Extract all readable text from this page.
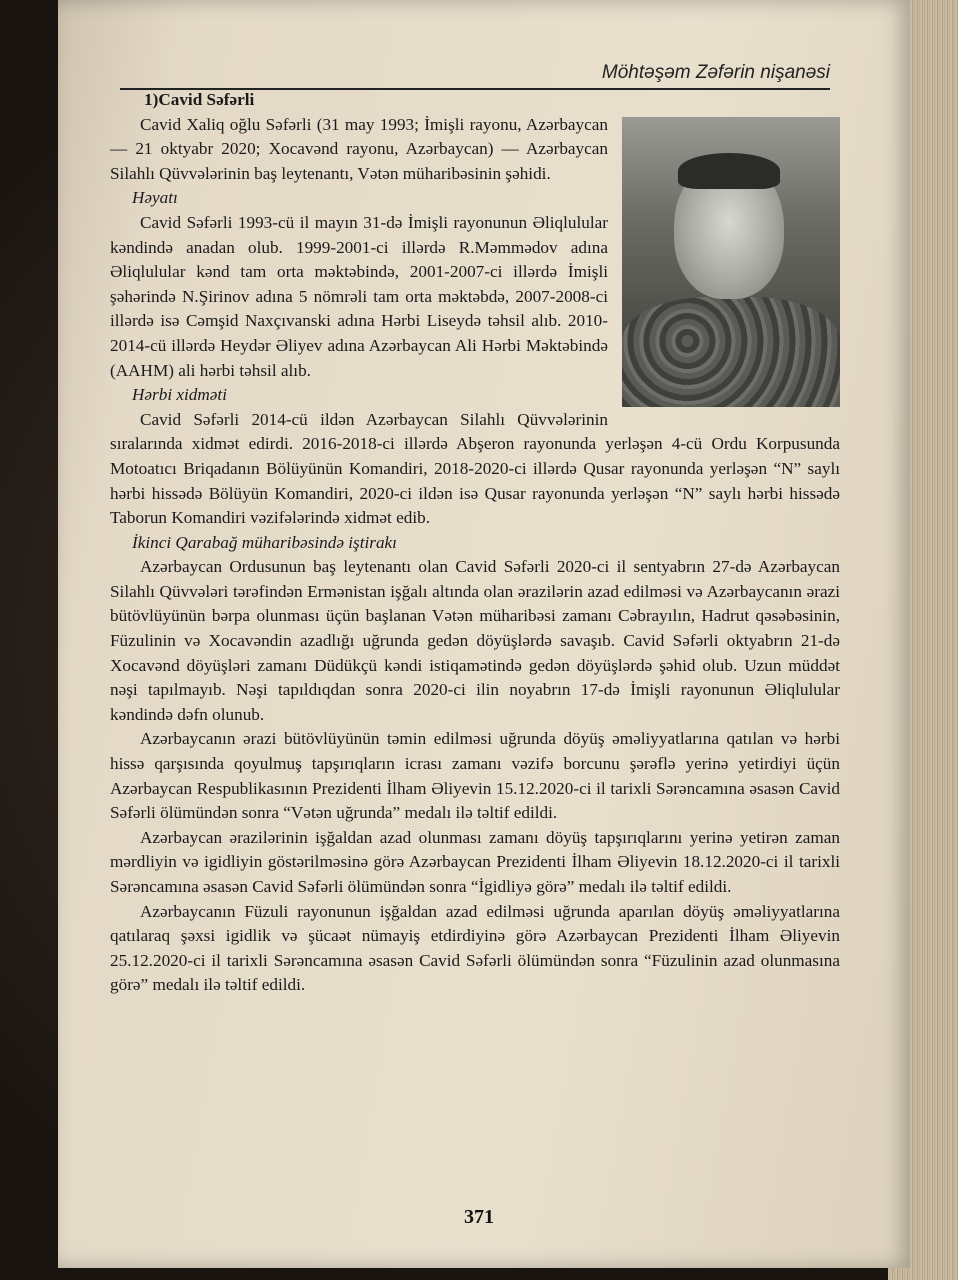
Möhtəşəm Zəfərin nişanəsi
1)Cavid Səfərli

Cavid Xaliq oğlu Səfərli (31 may 1993; İmişli rayonu, Azərbaycan — 21 oktyabr 2020; Xocavənd rayonu, Azərbaycan) — Azərbaycan Silahlı Qüvvələrinin baş leytenantı, Vətən müharibəsinin şəhidi.

Həyatı

Cavid Səfərli 1993-cü il mayın 31-də İmişli rayonunun Əliqlulular kəndində anadan olub. 1999-2001-ci illərdə R.Məmmədov adına Əliqlulular kənd tam orta məktəbində, 2001-2007-ci illərdə İmişli şəhərində N.Şirinov adına 5 nömrəli tam orta məktəbdə, 2007-2008-ci illərdə isə Cəmşid Naxçıvanski adına Hərbi Liseydə təhsil alıb. 2010-2014-cü illərdə Heydər Əliyev adına Azərbaycan Ali Hərbi Məktəbində (AAHM) ali hərbi təhsil alıb.

Hərbi xidməti

Cavid Səfərli 2014-cü ildən Azərbaycan Silahlı Qüvvələrinin sıralarında xidmət edirdi. 2016-2018-ci illərdə Abşeron rayonunda yerləşən 4-cü Ordu Korpusunda Motoatıcı Briqadanın Bölüyünün Komandiri, 2018-2020-ci illərdə Qusar rayonunda yerləşən “N” saylı hərbi hissədə Bölüyün Komandiri, 2020-ci ildən isə Qusar rayonunda yerləşən “N” saylı hərbi hissədə Taborun Komandiri vəzifələrində xidmət edib.

İkinci Qarabağ müharibəsində iştirakı

Azərbaycan Ordusunun baş leytenantı olan Cavid Səfərli 2020-ci il sentyabrın 27-də Azərbaycan Silahlı Qüvvələri tərəfindən Ermənistan işğalı altında olan ərazilərin azad edilməsi və Azərbaycanın ərazi bütövlüyünün bərpa olunması üçün başlanan Vətən müharibəsi zamanı Cəbrayılın, Hadrut qəsəbəsinin, Füzulinin və Xocavəndin azadlığı uğrunda gedən döyüşlərdə savaşıb. Cavid Səfərli oktyabrın 21-də Xocavənd döyüşləri zamanı Düdükçü kəndi istiqamətində gedən döyüşlərdə şəhid olub. Uzun müddət nəşi tapılmayıb. Nəşi tapıldıqdan sonra 2020-ci ilin noyabrın 17-də İmişli rayonunun Əliqlulular kəndində dəfn olunub.

Azərbaycanın ərazi bütövlüyünün təmin edilməsi uğrunda döyüş əməliyyatlarına qatılan və hərbi hissə qarşısında qoyulmuş tapşırıqların icrası zamanı vəzifə borcunu şərəflə yerinə yetirdiyi üçün Azərbaycan Respublikasının Prezidenti İlham Əliyevin 15.12.2020-ci il tarixli Sərəncamına əsasən Cavid Səfərli ölümündən sonra “Vətən uğrunda” medalı ilə təltif edildi.

Azərbaycan ərazilərinin işğaldan azad olunması zamanı döyüş tapşırıqlarını yerinə yetirən zaman mərdliyin və igidliyin göstərilməsinə görə Azərbaycan Prezidenti İlham Əliyevin 18.12.2020-ci il tarixli Sərəncamına əsasən Cavid Səfərli ölümündən sonra “İgidliyə görə” medalı ilə təltif edildi.

Azərbaycanın Füzuli rayonunun işğaldan azad edilməsi uğrunda aparılan döyüş əməliyyatlarına qatılaraq şəxsi igidlik və şücaət nümayiş etdirdiyinə görə Azərbaycan Prezidenti İlham Əliyevin 25.12.2020-ci il tarixli Sərəncamına əsasən Cavid Səfərli ölümündən sonra “Füzulinin azad olunmasına görə” medalı ilə təltif edildi.

371
